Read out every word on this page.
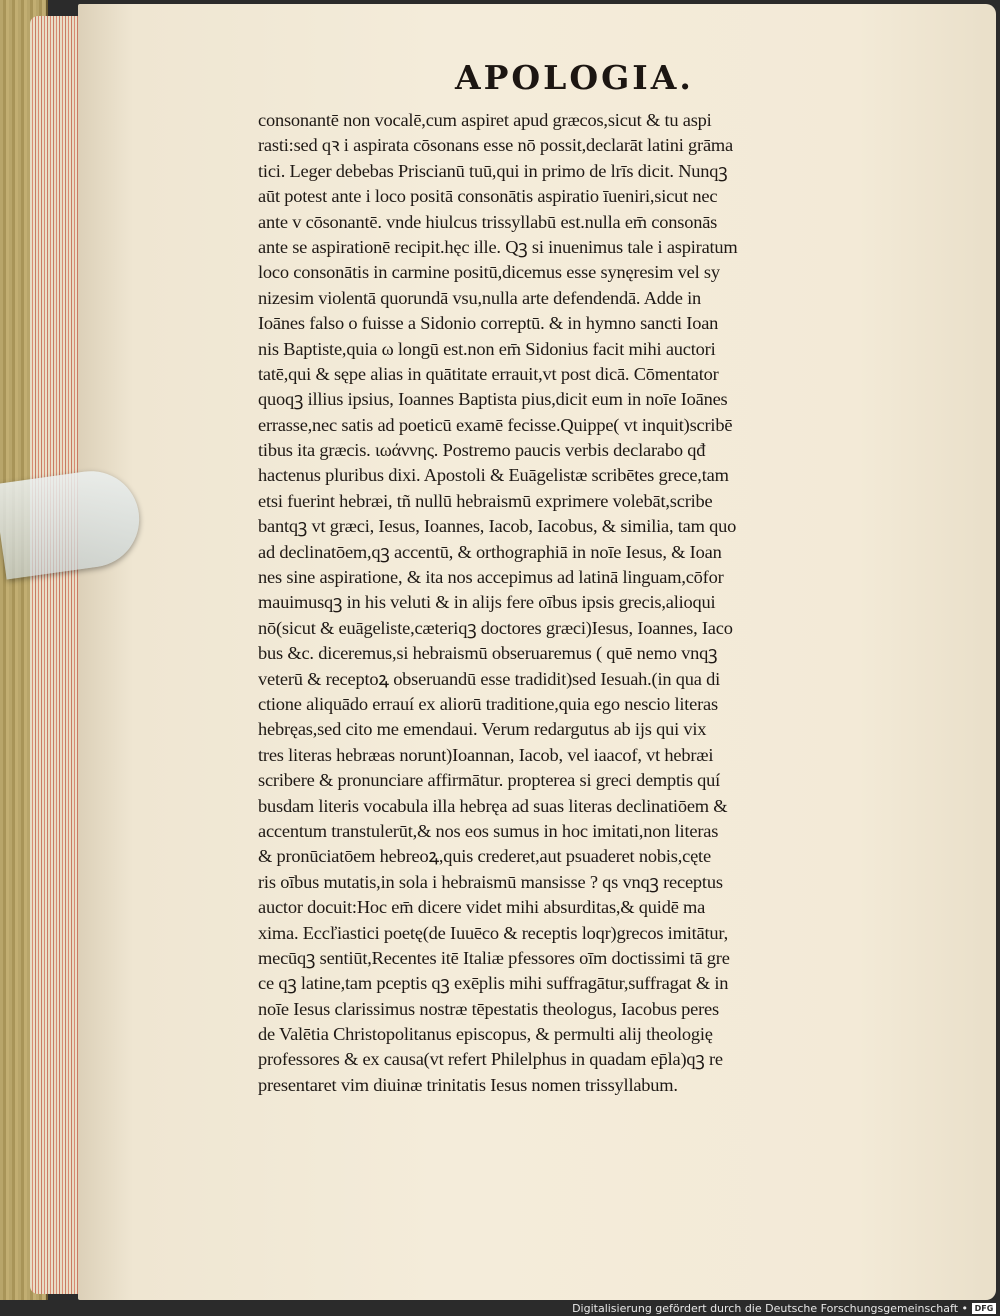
APOLOGIA.
consonantē non vocalē,cum aspiret apud græcos,sicut & tu aspi
rasti:sed qꝛ i aspirata cōsonans esse nō possit,declarāt latini grāma
tici. Leger debebas Priscianū tuū,qui in primo de lrīs dicit. Nunqꝫ
aūt potest ante i loco positā consonātis aspiratio īueniri,sicut nec
ante v cōsonantē. vnde hiulcus trissyllabū est.nulla em̄ consonās
ante se aspirationē recipit.hęc ille. Qꝫ si inuenimus tale i aspiratum
loco consonātis in carmine positū,dicemus esse synęresim vel sy
nizesim violentā quorundā vsu,nulla arte defendendā. Adde in
Ioānes falso o fuisse a Sidonio correptū. & in hymno sancti Ioan
nis Baptiste,quia ω longū est.non em̄ Sidonius facit mihi auctori
tatē,qui & sępe alias in quātitate errauit,vt post dicā. Cōmentator
quoqꝫ illius ipsius, Ioannes Baptista pius,dicit eum in noīe Ioānes
errasse,nec satis ad poeticū examē fecisse.Quippe( vt inquit)scribē
tibus ita græcis. ιωάννης. Postremo paucis verbis declarabo qđ
hactenus pluribus dixi. Apostoli & Euāgelistæ scribētes grece,tam
etsi fuerint hebræi, tñ nullū hebraismū exprimere volebāt,scribe
bantqꝫ vt græci, Iesus, Ioannes, Iacob, Iacobus, & similia, tam quo
ad declinatōem,qꝫ accentū, & orthographiā in noīe Iesus, & Ioan
nes sine aspiratione, & ita nos accepimus ad latinā linguam,cōfor
mauimusqꝫ in his veluti & in alijs fere oībus ipsis grecis,alioqui
nō(sicut & euāgeliste,cæteriqꝫ doctores græci)Iesus, Ioannes, Iaco
bus &c. diceremus,si hebraismū obseruaremus ( quē nemo vnqꝫ
veterū & receptoꝝ obseruandū esse tradidit)sed Iesuah.(in qua di
ctione aliquādo errauí ex aliorū traditione,quia ego nescio literas
hebręas,sed cito me emendaui. Verum redargutus ab ijs qui vix
tres literas hebræas norunt)Ioannan, Iacob, vel iaacof, vt hebræi
scribere & pronunciare affirmātur. propterea si greci demptis quí
busdam literis vocabula illa hebręa ad suas literas declinatiōem &
accentum transtulerūt,& nos eos sumus in hoc imitati,non literas
& pronūciatōem hebreoꝝ,quis crederet,aut psuaderet nobis,cęte
ris oībus mutatis,in sola i hebraismū mansisse ? qs vnqꝫ receptus
auctor docuit:Hoc em̄ dicere videt mihi absurditas,& quidē ma
xima. Eccľiastici poetę(de Iuuēco & receptis loqr)grecos imitātur,
mecūqꝫ sentiūt,Recentes itē Italiæ pfessores oīm doctissimi tā gre
ce qꝫ latine,tam pceptis qꝫ exēplis mihi suffragātur,suffragat & in
noīe Iesus clarissimus nostræ tēpestatis theologus, Iacobus peres
de Valētia Christopolitanus episcopus, & permulti alij theologię
professores & ex causa(vt refert Philelphus in quadam ep̄la)qꝫ re
presentaret vim diuinæ trinitatis Iesus nomen trissyllabum.
Digitalisierung gefördert durch die Deutsche Forschungsgemeinschaft • DFG
